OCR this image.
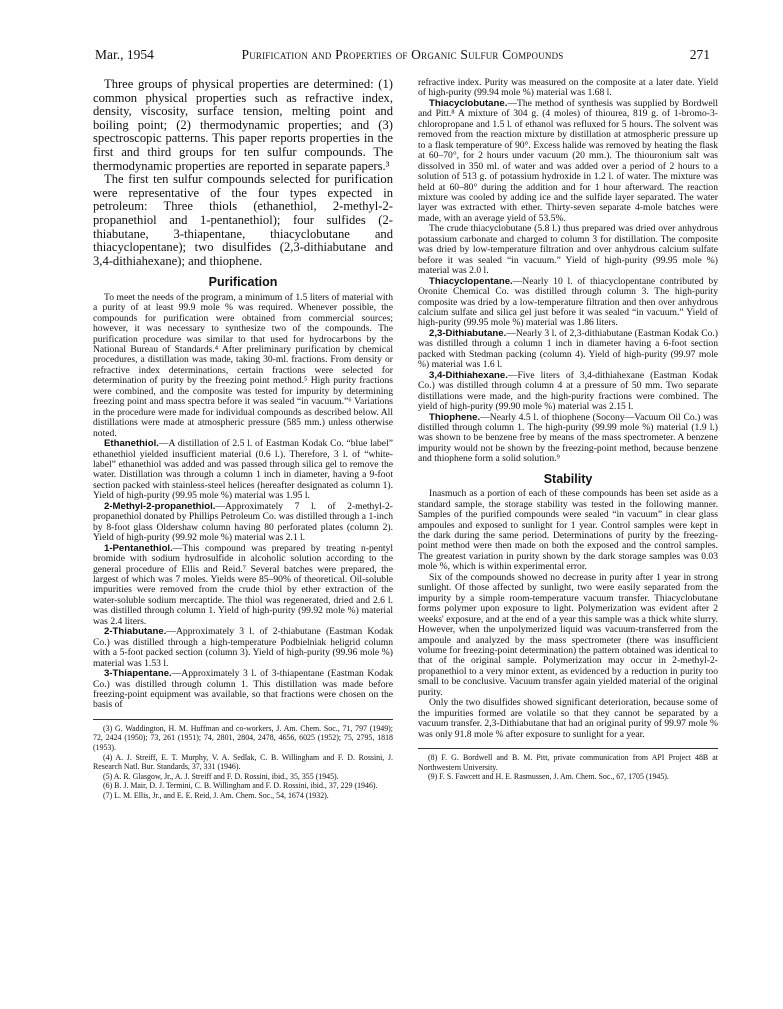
Mar., 1954	Purification and Properties of Organic Sulfur Compounds	271

Three groups of physical properties are determined: (1) common physical properties such as refractive index, density, viscosity, surface tension, melting point and boiling point; (2) thermodynamic properties; and (3) spectroscopic patterns. This paper reports properties in the first and third groups for ten sulfur compounds. The thermodynamic properties are reported in separate papers.³

The first ten sulfur compounds selected for purification were representative of the four types expected in petroleum: Three thiols (ethanethiol, 2-methyl-2-propanethiol and 1-pentanethiol); four sulfides (2-thiabutane, 3-thiapentane, thiacyclobutane and thiacyclopentane); two disulfides (2,3-dithiabutane and 3,4-dithiahexane); and thiophene.

Purification

To meet the needs of the program, a minimum of 1.5 liters of material with a purity of at least 99.9 mole % was required. Whenever possible, the compounds for purification were obtained from commercial sources; however, it was necessary to synthesize two of the compounds. The purification procedure was similar to that used for hydrocarbons by the National Bureau of Standards.⁴ After preliminary purification by chemical procedures, a distillation was made, taking 30-ml. fractions. From density or refractive index determinations, certain fractions were selected for determination of purity by the freezing point method.⁵ High purity fractions were combined, and the composite was tested for impurity by determining freezing point and mass spectra before it was sealed “in vacuum.”⁶ Variations in the procedure were made for individual compounds as described below. All distillations were made at atmospheric pressure (585 mm.) unless otherwise noted.

Ethanethiol.—A distillation of 2.5 l. of Eastman Kodak Co. “blue label” ethanethiol yielded insufficient material (0.6 l.). Therefore, 3 l. of “white-label” ethanethiol was added and was passed through silica gel to remove the water. Distillation was through a column 1 inch in diameter, having a 9-foot section packed with stainless-steel helices (hereafter designated as column 1). Yield of high-purity (99.95 mole %) material was 1.95 l.

2-Methyl-2-propanethiol.—Approximately 7 l. of 2-methyl-2-propanethiol donated by Phillips Petroleum Co. was distilled through a 1-inch by 8-foot glass Oldershaw column having 80 perforated plates (column 2). Yield of high-purity (99.92 mole %) material was 2.1 l.

1-Pentanethiol.—This compound was prepared by treating n-pentyl bromide with sodium hydrosulfide in alcoholic solution according to the general procedure of Ellis and Reid.⁷ Several batches were prepared, the largest of which was 7 moles. Yields were 85–90% of theoretical. Oil-soluble impurities were removed from the crude thiol by ether extraction of the water-soluble sodium mercaptide. The thiol was regenerated, dried and 2.6 l. was distilled through column 1. Yield of high-purity (99.92 mole %) material was 2.4 liters.

2-Thiabutane.—Approximately 3 l. of 2-thiabutane (Eastman Kodak Co.) was distilled through a high-temperature Podbielniak heligrid column with a 5-foot packed section (column 3). Yield of high-purity (99.96 mole %) material was 1.53 l.

3-Thiapentane.—Approximately 3 l. of 3-thiapentane (Eastman Kodak Co.) was distilled through column 1. This distillation was made before freezing-point equipment was available, so that fractions were chosen on the basis of

(3) G. Waddington, H. M. Huffman and co-workers, J. Am. Chem. Soc., 71, 797 (1949); 72, 2424 (1950); 73, 261 (1951); 74, 2801, 2804, 2478, 4656, 6025 (1952); 75, 2795, 1818 (1953).

(4) A. J. Streiff, E. T. Murphy, V. A. Sedlak, C. B. Willingham and F. D. Rossini, J. Research Natl. Bur. Standards, 37, 331 (1946).

(5) A. R. Glasgow, Jr., A. J. Streiff and F. D. Rossini, ibid., 35, 355 (1945).

(6) B. J. Mair, D. J. Termini, C. B. Willingham and F. D. Rossini, ibid., 37, 229 (1946).

(7) L. M. Ellis, Jr., and E. E. Reid, J. Am. Chem. Soc., 54, 1674 (1932).

refractive index. Purity was measured on the composite at a later date. Yield of high-purity (99.94 mole %) material was 1.68 l.

Thiacyclobutane.—The method of synthesis was supplied by Bordwell and Pitt.⁸ A mixture of 304 g. (4 moles) of thiourea, 819 g. of 1-bromo-3-chloropropane and 1.5 l. of ethanol was refluxed for 5 hours. The solvent was removed from the reaction mixture by distillation at atmospheric pressure up to a flask temperature of 90°. Excess halide was removed by heating the flask at 60–70°, for 2 hours under vacuum (20 mm.). The thiouronium salt was dissolved in 350 ml. of water and was added over a period of 2 hours to a solution of 513 g. of potassium hydroxide in 1.2 l. of water. The mixture was held at 60–80° during the addition and for 1 hour afterward. The reaction mixture was cooled by adding ice and the sulfide layer separated. The water layer was extracted with ether. Thirty-seven separate 4-mole batches were made, with an average yield of 53.5%.

The crude thiacyclobutane (5.8 l.) thus prepared was dried over anhydrous potassium carbonate and charged to column 3 for distillation. The composite was dried by low-temperature filtration and over anhydrous calcium sulfate before it was sealed “in vacuum.” Yield of high-purity (99.95 mole %) material was 2.0 l.

Thiacyclopentane.—Nearly 10 l. of thiacyclopentane contributed by Oronite Chemical Co. was distilled through column 3. The high-purity composite was dried by a low-temperature filtration and then over anhydrous calcium sulfate and silica gel just before it was sealed “in vacuum.” Yield of high-purity (99.95 mole %) material was 1.86 liters.

2,3-Dithiabutane.—Nearly 3 l. of 2,3-dithiabutane (Eastman Kodak Co.) was distilled through a column 1 inch in diameter having a 6-foot section packed with Stedman packing (column 4). Yield of high-purity (99.97 mole %) material was 1.6 l.

3,4-Dithiahexane.—Five liters of 3,4-dithiahexane (Eastman Kodak Co.) was distilled through column 4 at a pressure of 50 mm. Two separate distillations were made, and the high-purity fractions were combined. The yield of high-purity (99.90 mole %) material was 2.15 l.

Thiophene.—Nearly 4.5 l. of thiophene (Socony—Vacuum Oil Co.) was distilled through column 1. The high-purity (99.99 mole %) material (1.9 l.) was shown to be benzene free by means of the mass spectrometer. A benzene impurity would not be shown by the freezing-point method, because benzene and thiophene form a solid solution.⁹

Stability

Inasmuch as a portion of each of these compounds has been set aside as a standard sample, the storage stability was tested in the following manner. Samples of the purified compounds were sealed “in vacuum” in clear glass ampoules and exposed to sunlight for 1 year. Control samples were kept in the dark during the same period. Determinations of purity by the freezing-point method were then made on both the exposed and the control samples. The greatest variation in purity shown by the dark storage samples was 0.03 mole %, which is within experimental error.

Six of the compounds showed no decrease in purity after 1 year in strong sunlight. Of those affected by sunlight, two were easily separated from the impurity by a simple room-temperature vacuum transfer. Thiacyclobutane forms polymer upon exposure to light. Polymerization was evident after 2 weeks' exposure, and at the end of a year this sample was a thick white slurry. However, when the unpolymerized liquid was vacuum-transferred from the ampoule and analyzed by the mass spectrometer (there was insufficient volume for freezing-point determination) the pattern obtained was identical to that of the original sample. Polymerization may occur in 2-methyl-2-propanethiol to a very minor extent, as evidenced by a reduction in purity too small to be conclusive. Vacuum transfer again yielded material of the original purity.

Only the two disulfides showed significant deterioration, because some of the impurities formed are volatile so that they cannot be separated by a vacuum transfer. 2,3-Dithiabutane that had an original purity of 99.97 mole % was only 91.8 mole % after exposure to sunlight for a year.

(8) F. G. Bordwell and B. M. Pitt, private communication from API Project 48B at Northwestern University.

(9) F. S. Fawcett and H. E. Rasmussen, J. Am. Chem. Soc., 67, 1705 (1945).
